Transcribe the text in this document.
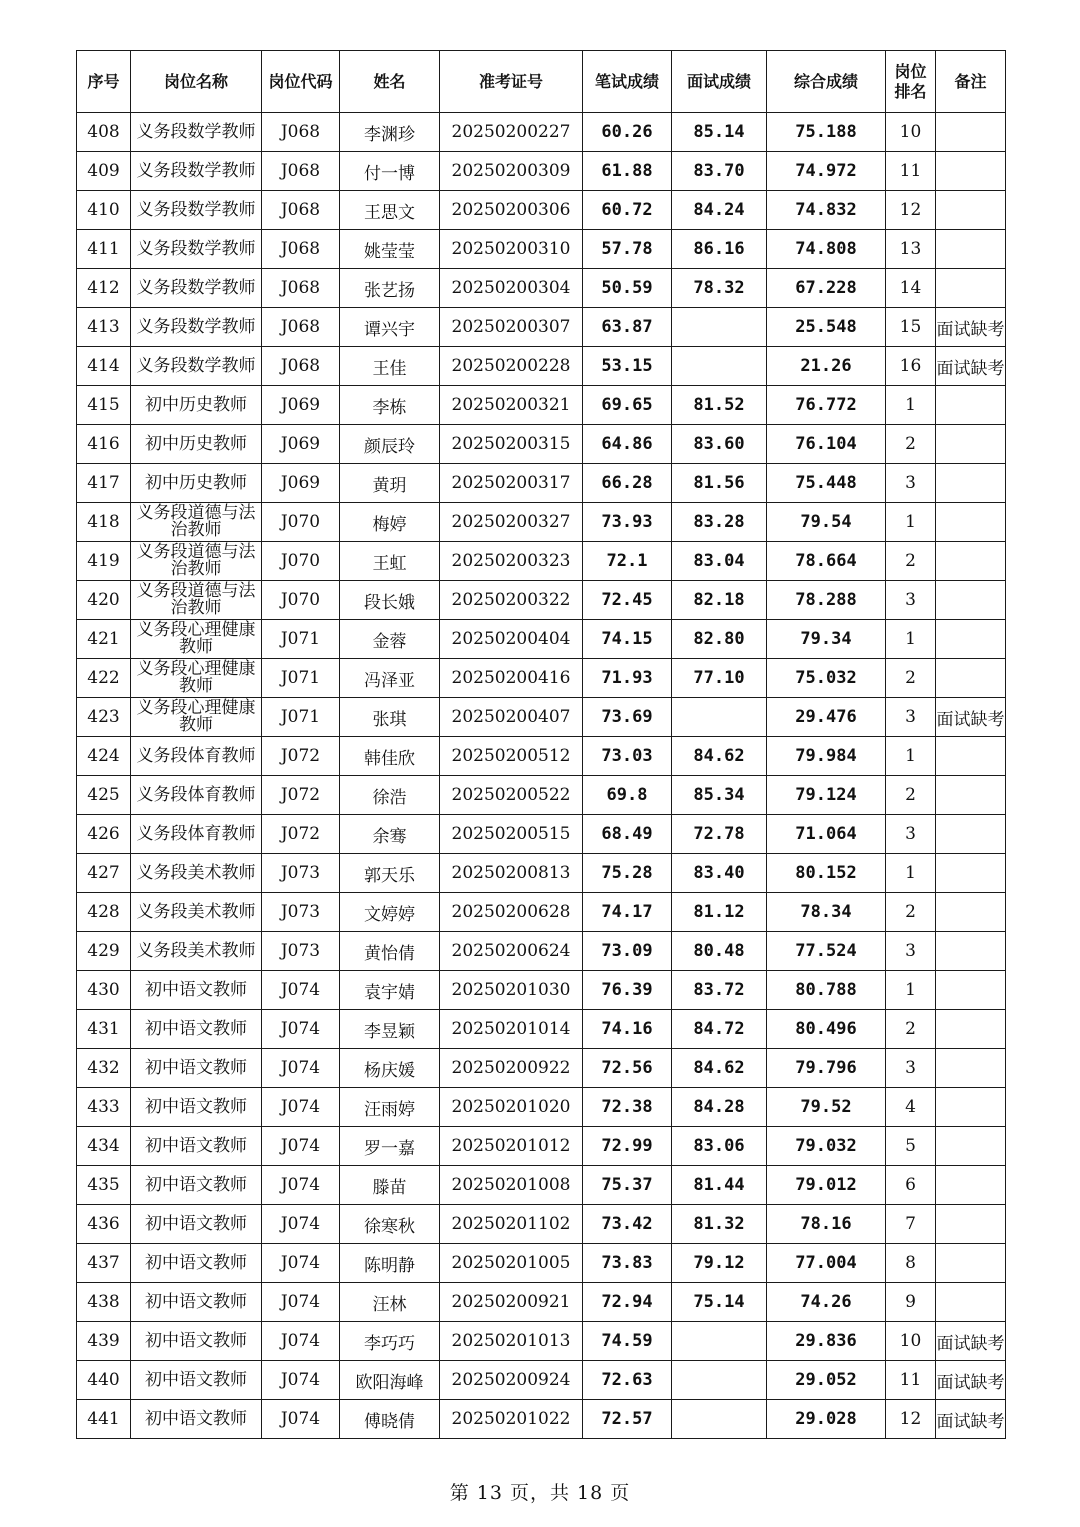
序号	岗位名称	岗位代码	姓名	准考证号	笔试成绩	面试成绩	综合成绩	岗位排名	备注
408	义务段数学教师	J068	李渊珍	20250200227	60.26	85.14	75.188	10	
409	义务段数学教师	J068	付一博	20250200309	61.88	83.70	74.972	11	
410	义务段数学教师	J068	王思文	20250200306	60.72	84.24	74.832	12	
411	义务段数学教师	J068	姚莹莹	20250200310	57.78	86.16	74.808	13	
412	义务段数学教师	J068	张艺扬	20250200304	50.59	78.32	67.228	14	
413	义务段数学教师	J068	谭兴宇	20250200307	63.87		25.548	15	面试缺考
414	义务段数学教师	J068	王佳	20250200228	53.15		21.26	16	面试缺考
415	初中历史教师	J069	李栋	20250200321	69.65	81.52	76.772	1	
416	初中历史教师	J069	颜辰玲	20250200315	64.86	83.60	76.104	2	
417	初中历史教师	J069	黄玥	20250200317	66.28	81.56	75.448	3	
418	义务段道德与法治教师	J070	梅婷	20250200327	73.93	83.28	79.54	1	
419	义务段道德与法治教师	J070	王虹	20250200323	72.1	83.04	78.664	2	
420	义务段道德与法治教师	J070	段长娥	20250200322	72.45	82.18	78.288	3	
421	义务段心理健康教师	J071	金蓉	20250200404	74.15	82.80	79.34	1	
422	义务段心理健康教师	J071	冯泽亚	20250200416	71.93	77.10	75.032	2	
423	义务段心理健康教师	J071	张琪	20250200407	73.69		29.476	3	面试缺考
424	义务段体育教师	J072	韩佳欣	20250200512	73.03	84.62	79.984	1	
425	义务段体育教师	J072	徐浩	20250200522	69.8	85.34	79.124	2	
426	义务段体育教师	J072	余骞	20250200515	68.49	72.78	71.064	3	
427	义务段美术教师	J073	郭天乐	20250200813	75.28	83.40	80.152	1	
428	义务段美术教师	J073	文婷婷	20250200628	74.17	81.12	78.34	2	
429	义务段美术教师	J073	黄怡倩	20250200624	73.09	80.48	77.524	3	
430	初中语文教师	J074	袁宇婧	20250201030	76.39	83.72	80.788	1	
431	初中语文教师	J074	李昱颖	20250201014	74.16	84.72	80.496	2	
432	初中语文教师	J074	杨庆媛	20250200922	72.56	84.62	79.796	3	
433	初中语文教师	J074	汪雨婷	20250201020	72.38	84.28	79.52	4	
434	初中语文教师	J074	罗一嘉	20250201012	72.99	83.06	79.032	5	
435	初中语文教师	J074	滕苗	20250201008	75.37	81.44	79.012	6	
436	初中语文教师	J074	徐寒秋	20250201102	73.42	81.32	78.16	7	
437	初中语文教师	J074	陈明静	20250201005	73.83	79.12	77.004	8	
438	初中语文教师	J074	汪林	20250200921	72.94	75.14	74.26	9	
439	初中语文教师	J074	李巧巧	20250201013	74.59		29.836	10	面试缺考
440	初中语文教师	J074	欧阳海峰	20250200924	72.63		29.052	11	面试缺考
441	初中语文教师	J074	傅晓倩	20250201022	72.57		29.028	12	面试缺考
第 13 页，共 18 页
